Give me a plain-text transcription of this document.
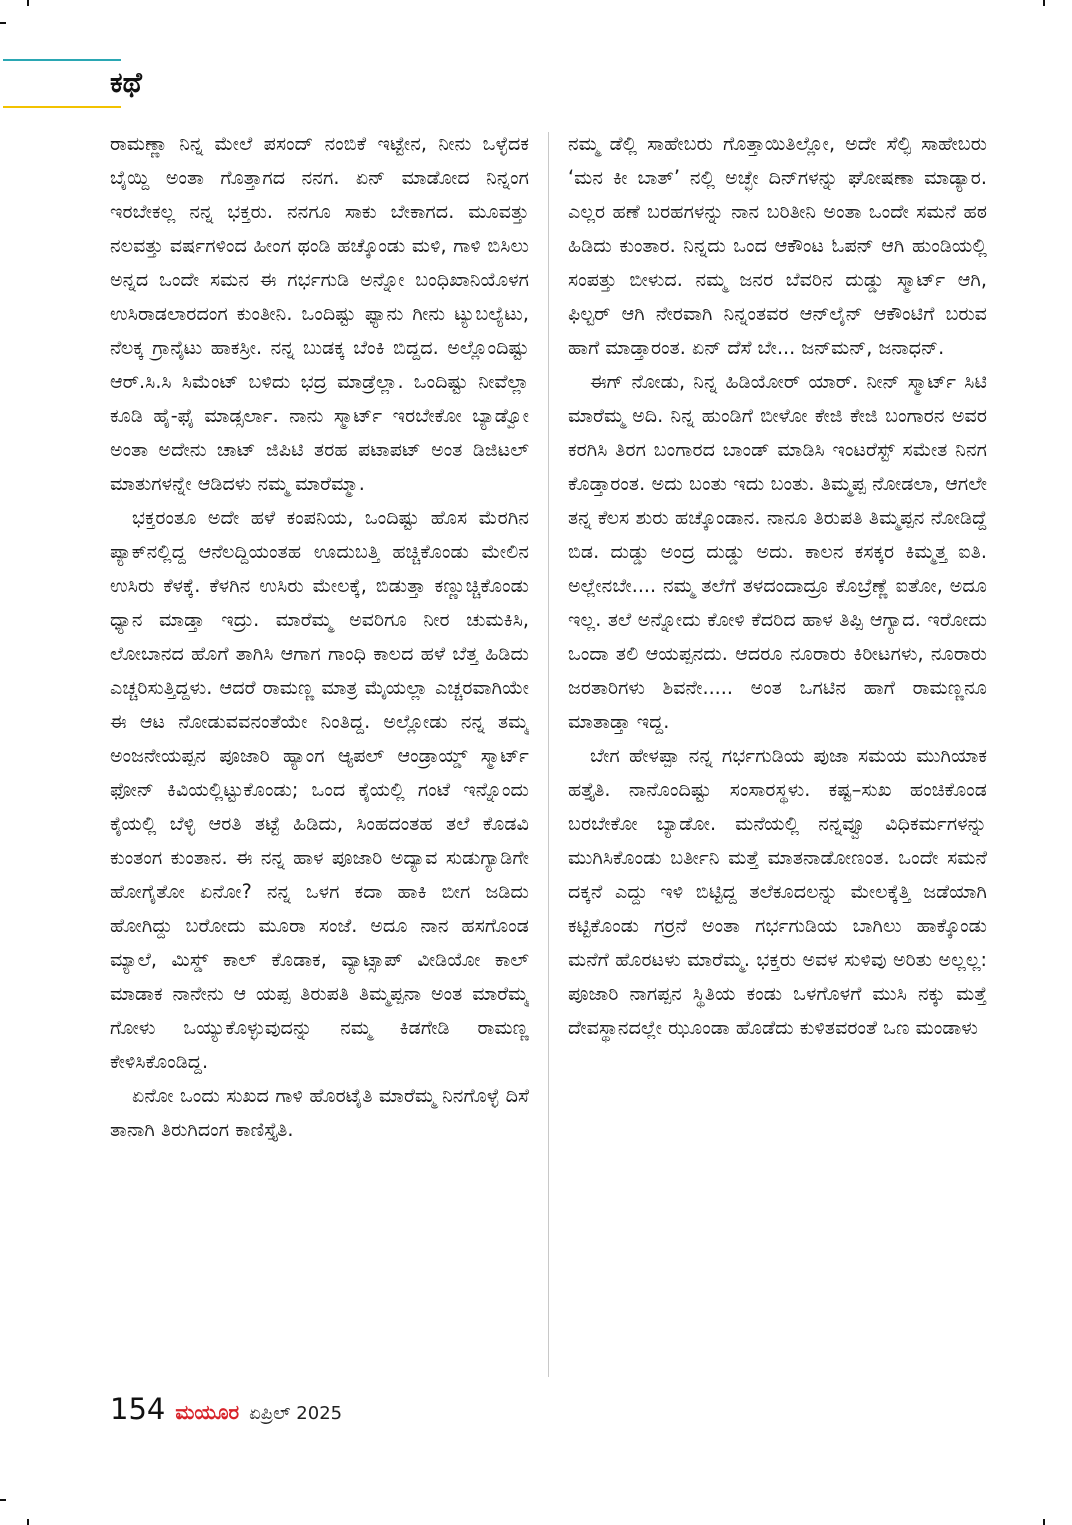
ಕಥೆ

ರಾಮಣ್ಣಾ ನಿನ್ನ ಮೇಲೆ ಪಸಂದ್ ನಂಬಿಕೆ ಇಟ್ಟೇನ, ನೀನು ಒಳ್ಳೆದಕ ಬೈಯ್ದಿ ಅಂತಾ ಗೊತ್ತಾಗದ ನನಗ. ಏನ್ ಮಾಡೋದ ನಿನ್ನಂಗ ಇರಬೇಕಲ್ಲ ನನ್ನ ಭಕ್ತರು. ನನಗೂ ಸಾಕು ಬೇಕಾಗದ. ಮೂವತ್ತು ನಲವತ್ತು ವರ್ಷಗಳಿಂದ ಹೀಂಗ ಥಂಡಿ ಹಚ್ಕೊಂಡು ಮಳಿ, ಗಾಳಿ ಬಿಸಿಲು ಅನ್ನದ ಒಂದೇ ಸಮನ ಈ ಗರ್ಭಗುಡಿ ಅನ್ನೋ ಬಂಧಿಖಾನಿಯೊಳಗ ಉಸಿರಾಡಲಾರದಂಗ ಕುಂತೀನಿ. ಒಂದಿಷ್ಟು ಫ್ಯಾನು ಗೀನು ಟ್ಯುಬಲ್ಯೆಟು, ನೆಲಕ್ಕ ಗ್ರಾನೈಟು ಹಾಕಸ್ರೀ. ನನ್ನ ಬುಡಕ್ಕ ಬೆಂಕಿ ಬಿದ್ದದ. ಅಲ್ಲೊಂದಿಷ್ಟು ಆರ್.ಸಿ.ಸಿ ಸಿಮೆಂಟ್ ಬಳಿದು ಭದ್ರ ಮಾಡ್ರೆಲ್ಲಾ. ಒಂದಿಷ್ಟು ನೀವೆಲ್ಲಾ ಕೂಡಿ ಹೈ-ಫೈ ಮಾಡ್ಸರ್ಲಾ. ನಾನು ಸ್ಮಾರ್ಟ್ ಇರಬೇಕೋ ಬ್ಯಾಡ್ವೋ ಅಂತಾ ಅದೇನು ಚಾಟ್ ಜಿಪಿಟಿ ತರಹ ಪಟಾಪಟ್ ಅಂತ ಡಿಜಿಟಲ್ ಮಾತುಗಳನ್ನೇ ಆಡಿದಳು ನಮ್ಮ ಮಾರೆಮ್ಮಾ.

ಭಕ್ತರಂತೂ ಅದೇ ಹಳೆ ಕಂಪನಿಯ, ಒಂದಿಷ್ಟು ಹೊಸ ಮೆರಗಿನ ಪ್ಯಾಕ್‌ನಲ್ಲಿದ್ದ ಆನೆಲದ್ದಿಯಂತಹ ಊದುಬತ್ತಿ ಹಚ್ಚಿಕೊಂಡು ಮೇಲಿನ ಉಸಿರು ಕೆಳಕ್ಕೆ. ಕೆಳಗಿನ ಉಸಿರು ಮೇಲಕ್ಕೆ, ಬಿಡುತ್ತಾ ಕಣ್ಣುಚ್ಚಿಕೊಂಡು ಧ್ಯಾನ ಮಾಡ್ತಾ ಇದ್ರು. ಮಾರೆಮ್ಮ ಅವರಿಗೂ ನೀರ ಚುಮಕಿಸಿ, ಲೋಬಾನದ ಹೊಗೆ ತಾಗಿಸಿ ಆಗಾಗ ಗಾಂಧಿ ಕಾಲದ ಹಳೆ ಬೆತ್ತ ಹಿಡಿದು ಎಚ್ಚರಿಸುತ್ತಿದ್ದಳು. ಆದರೆ ರಾಮಣ್ಣ ಮಾತ್ರ ಮೈಯಲ್ಲಾ ಎಚ್ಚರವಾಗಿಯೇ ಈ ಆಟ ನೋಡುವವನಂತೆಯೇ ನಿಂತಿದ್ದ. ಅಲ್ಲೋಡು ನನ್ನ ತಮ್ಮ ಅಂಜನೇಯಪ್ಪನ ಪೂಜಾರಿ ಹ್ಯಾಂಗ ಆ್ಯಪಲ್ ಆಂಡ್ರಾಯ್ಡ್ ಸ್ಮಾರ್ಟ್ ಫೋನ್ ಕಿವಿಯಲ್ಲಿಟ್ಟುಕೊಂಡು; ಒಂದ ಕೈಯಲ್ಲಿ ಗಂಟೆ ಇನ್ನೊಂದು ಕೈಯಲ್ಲಿ ಬೆಳ್ಳಿ ಆರತಿ ತಟ್ಟೆ ಹಿಡಿದು, ಸಿಂಹದಂತಹ ತಲೆ ಕೊಡವಿ ಕುಂತಂಗ ಕುಂತಾನ. ಈ ನನ್ನ ಹಾಳ ಪೂಜಾರಿ ಅದ್ಯಾವ ಸುಡುಗ್ಯಾಡಿಗೇ ಹೋಗೈತೋ ಏನೋ? ನನ್ನ ಒಳಗ ಕದಾ ಹಾಕಿ ಬೀಗ ಜಡಿದು ಹೋಗಿದ್ದು ಬರೋದು ಮೂರಾ ಸಂಜೆ. ಅದೂ ನಾನ ಹಸಗೊಂಡ ಮ್ಯಾಲೆ, ಮಿಸ್ಡ್ ಕಾಲ್ ಕೊಡಾಕ, ವ್ಯಾಟ್ಸಾಪ್ ವೀಡಿಯೋ ಕಾಲ್ ಮಾಡಾಕ ನಾನೇನು ಆ ಯಪ್ಪ ತಿರುಪತಿ ತಿಮ್ಮಪ್ಪನಾ ಅಂತ ಮಾರೆಮ್ಮ ಗೋಳು ಒಯ್ಯುಕೊಳ್ಳುವುದನ್ನು ನಮ್ಮ ಕಿಡಗೇಡಿ ರಾಮಣ್ಣ ಕೇಳಿಸಿಕೊಂಡಿದ್ದ.

ಏನೋ ಒಂದು ಸುಖದ ಗಾಳಿ ಹೊರಟೈತಿ ಮಾರೆಮ್ಮ ನಿನಗೊಳ್ಳೆ ದಿಸೆ ತಾನಾಗಿ ತಿರುಗಿದಂಗ ಕಾಣಿಸ್ತೈತಿ.

ನಮ್ಮ ಡೆಲ್ಲಿ ಸಾಹೇಬರು ಗೊತ್ತಾಯಿತಿಲ್ಲೋ, ಅದೇ ಸೆಲ್ಫಿ ಸಾಹೇಬರು ‘ಮನ ಕೀ ಬಾತ್’ ನಲ್ಲಿ ಅಚ್ಛೇ ದಿನ್‌ಗಳನ್ನು ಘೋಷಣಾ ಮಾಡ್ಯಾರ. ಎಲ್ಲರ ಹಣೆ ಬರಹಗಳನ್ನು ನಾನ ಬರಿತೀನಿ ಅಂತಾ ಒಂದೇ ಸಮನೆ ಹಠ ಹಿಡಿದು ಕುಂತಾರ. ನಿನ್ನದು ಒಂದ ಆಕೌಂಟ ಓಪನ್ ಆಗಿ ಹುಂಡಿಯಲ್ಲಿ ಸಂಪತ್ತು ಬೀಳುದ. ನಮ್ಮ ಜನರ ಬೆವರಿನ ದುಡ್ಡು ಸ್ಮಾರ್ಟ್ ಆಗಿ, ಫಿಲ್ಟರ್ ಆಗಿ ನೇರವಾಗಿ ನಿನ್ನಂತವರ ಆನ್‌ಲೈನ್ ಆಕೌಂಟಿಗೆ ಬರುವ ಹಾಗೆ ಮಾಡ್ತಾರಂತ. ಏನ್ ದೆಸೆ ಬೇ... ಜನ್‌ಮನ್, ಜನಾಧನ್.

ಈಗ್ ನೋಡು, ನಿನ್ನ ಹಿಡಿಯೋರ್ ಯಾರ್. ನೀನ್ ಸ್ಮಾರ್ಟ್ ಸಿಟಿ ಮಾರೆಮ್ಮ ಅದಿ. ನಿನ್ನ ಹುಂಡಿಗೆ ಬೀಳೋ ಕೇಜಿ ಕೇಜಿ ಬಂಗಾರನ ಅವರ ಕರಗಿಸಿ ತಿರಗ ಬಂಗಾರದ ಬಾಂಡ್ ಮಾಡಿಸಿ ಇಂಟರೆಸ್ಟ್ ಸಮೇತ ನಿನಗ ಕೊಡ್ತಾರಂತ. ಅದು ಬಂತು ಇದು ಬಂತು. ತಿಮ್ಮಪ್ಪ ನೋಡಲಾ, ಆಗಲೇ ತನ್ನ ಕೆಲಸ ಶುರು ಹಚ್ಕೊಂಡಾನ. ನಾನೂ ತಿರುಪತಿ ತಿಮ್ಮಪ್ಪನ ನೋಡಿದ್ದೆ ಬಿಡ. ದುಡ್ಡು ಅಂದ್ರ ದುಡ್ಡು ಅದು. ಕಾಲನ ಕಸಕ್ಕರ ಕಿಮ್ಮತ್ತ ಐತಿ. ಅಲ್ಲೇನಬೇ.... ನಮ್ಮ ತಲೆಗೆ ತಳದಂದಾದ್ರೂ ಕೊಬ್ರೆಣ್ಣೆ ಐತೋ, ಅದೂ ಇಲ್ಲ. ತಲೆ ಅನ್ನೋದು ಕೋಳಿ ಕೆದರಿದ ಹಾಳ ತಿಪ್ಪಿ ಆಗ್ಯಾದ. ಇರೋದು ಒಂದಾ ತಲಿ ಆಯಪ್ಪನದು. ಆದರೂ ನೂರಾರು ಕಿರೀಟಗಳು, ನೂರಾರು ಜರತಾರಿಗಳು ಶಿವನೇ..... ಅಂತ ಒಗಟಿನ ಹಾಗೆ ರಾಮಣ್ಣನೂ ಮಾತಾಡ್ತಾ ಇದ್ದ.

ಬೇಗ ಹೇಳಪ್ಪಾ ನನ್ನ ಗರ್ಭಗುಡಿಯ ಪುಜಾ ಸಮಯ ಮುಗಿಯಾಕ ಹತ್ತೈತಿ. ನಾನೊಂದಿಷ್ಟು ಸಂಸಾರಸ್ಥಳು. ಕಷ್ಟ–ಸುಖ ಹಂಚಿಕೊಂಡ ಬರಬೇಕೋ ಬ್ಯಾಡೋ. ಮನೆಯಲ್ಲಿ ನನ್ನವ್ವೂ ವಿಧಿಕರ್ಮಗಳನ್ನು ಮುಗಿಸಿಕೊಂಡು ಬರ್ತೀನಿ ಮತ್ತೆ ಮಾತನಾಡೋಣಂತ. ಒಂದೇ ಸಮನೆ ದಕ್ಕನೆ ಎದ್ದು ಇಳಿ ಬಿಟ್ಟಿದ್ದ ತಲೆಕೂದಲನ್ನು ಮೇಲಕ್ಕೆತ್ತಿ ಜಡೆಯಾಗಿ ಕಟ್ಟಿಕೊಂಡು ಗರ್ರನೆ ಅಂತಾ ಗರ್ಭಗುಡಿಯ ಬಾಗಿಲು ಹಾಕ್ಕೊಂಡು ಮನೆಗೆ ಹೊರಟಳು ಮಾರೆಮ್ಮ. ಭಕ್ತರು ಅವಳ ಸುಳಿವು ಅರಿತು ಅಲ್ಲಲ್ಲ: ಪೂಜಾರಿ ನಾಗಪ್ಪನ ಸ್ಥಿತಿಯ ಕಂಡು ಒಳಗೊಳಗೆ ಮುಸಿ ನಕ್ಕು ಮತ್ತೆ ದೇವಸ್ಥಾನದಲ್ಲೇ ಝೂಂಡಾ ಹೊಡೆದು ಕುಳಿತವರಂತೆ ಒಣ ಮಂಡಾಳು

154 ಮಯೂರ ಏಪ್ರಿಲ್ 2025
